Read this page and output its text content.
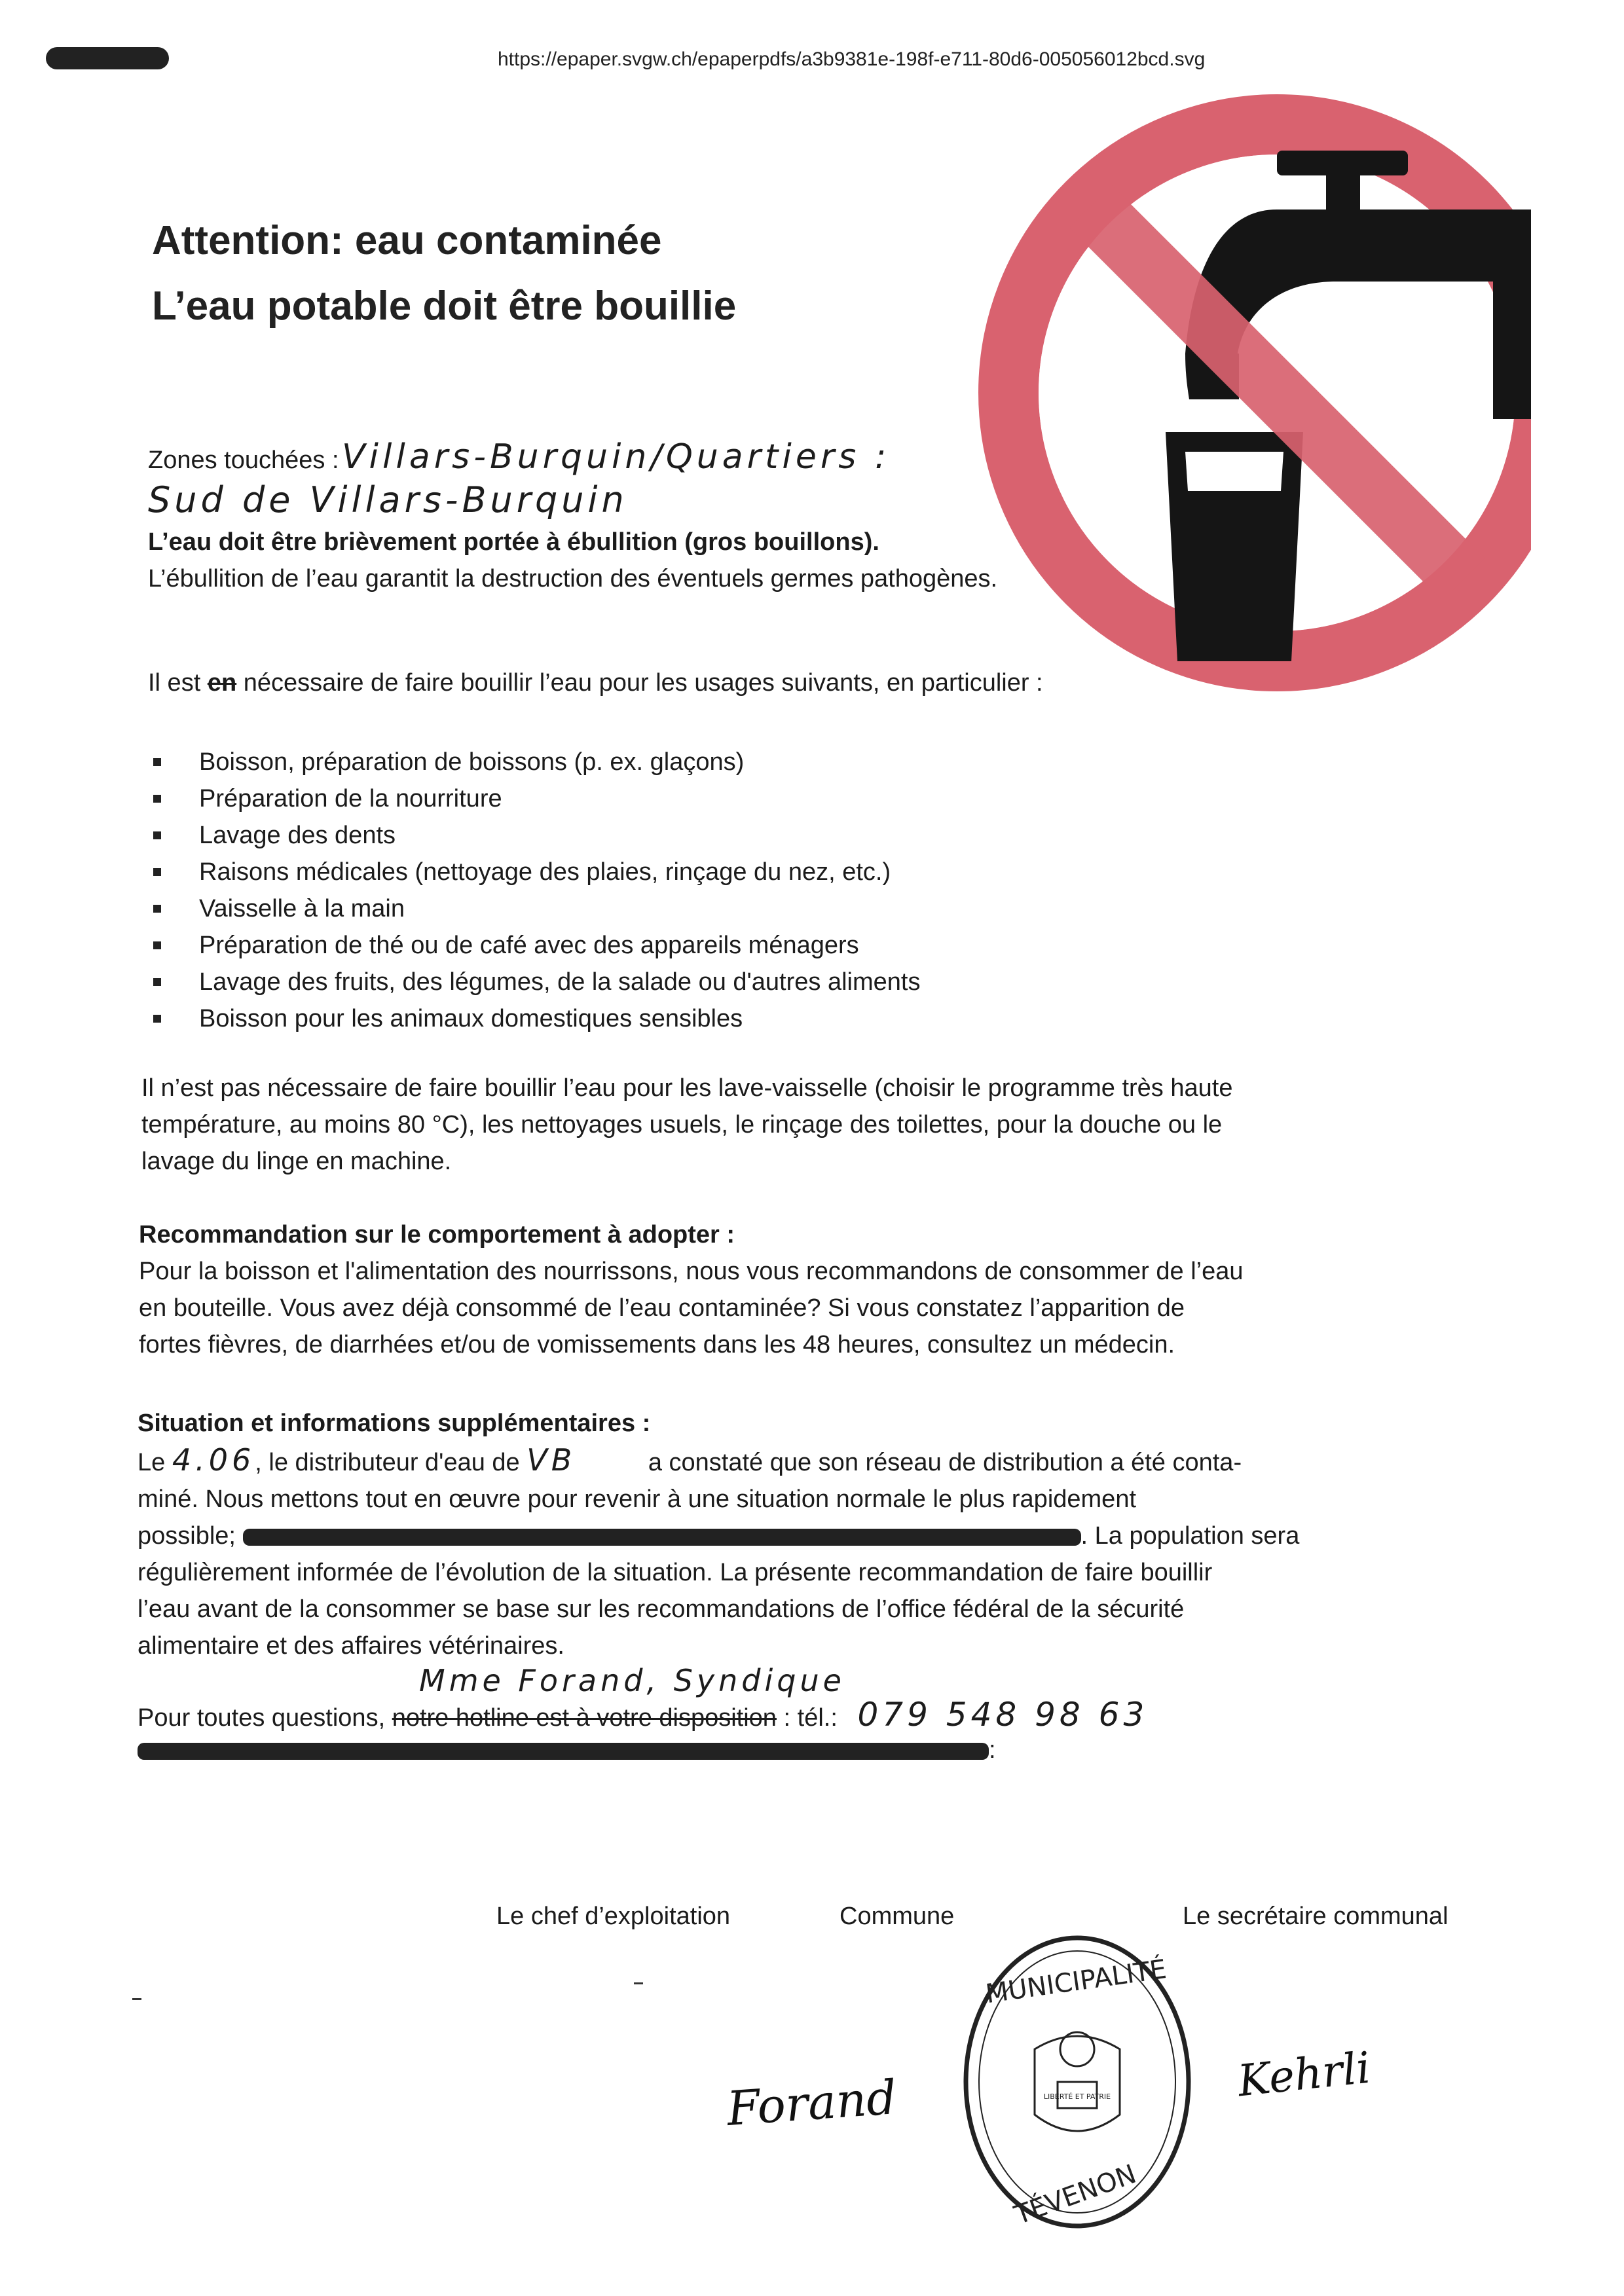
https://epaper.svgw.ch/epaperpdfs/a3b9381e-198f-e711-80d6-005056012bcd.svg
Attention: eau contaminée
L’eau potable doit être bouillie
Zones touchées : Villars-Burquin/Quartiers :
Sud de Villars-Burquin
L’eau doit être brièvement portée à ébullition (gros bouillons).
L’ébullition de l’eau garantit la destruction des éventuels germes pathogènes.
Il est en nécessaire de faire bouillir l’eau pour les usages suivants, en particulier :
Boisson, préparation de boissons (p. ex. glaçons)
Préparation de la nourriture
Lavage des dents
Raisons médicales (nettoyage des plaies, rinçage du nez, etc.)
Vaisselle à la main
Préparation de thé ou de café avec des appareils ménagers
Lavage des fruits, des légumes, de la salade ou d'autres aliments
Boisson pour les animaux domestiques sensibles
Il n’est pas nécessaire de faire bouillir l’eau pour les lave-vaisselle (choisir le programme très haute
température, au moins 80 °C), les nettoyages usuels, le rinçage des toilettes, pour la douche ou le
lavage du linge en machine.
Recommandation sur le comportement à adopter :
Pour la boisson et l'alimentation des nourrissons, nous vous recommandons de consommer de l’eau
en bouteille. Vous avez déjà consommé de l’eau contaminée? Si vous constatez l’apparition de
fortes fièvres, de diarrhées et/ou de vomissements dans les 48 heures, consultez un médecin.
Situation et informations supplémentaires :
Le 4.06, le distributeur d'eau de VB	a constaté que son réseau de distribution a été conta-
miné. Nous mettons tout en œuvre pour revenir à une situation normale le plus rapidement
possible;	. La population sera
régulièrement informée de l’évolution de la situation. La présente recommandation de faire bouillir
l’eau avant de la consommer se base sur les recommandations de l’office fédéral de la sécurité
alimentaire et des affaires vétérinaires.
Mme Forand, Syndique
Pour toutes questions, notre hotline est à votre disposition : tél.: 079 548 98 63
:
Le chef d’exploitation	Commune	Le secrétaire communal
LIBERTÉ ET PATRIE
MUNICIPALITÉ
TÉVENON
Forand	Kehrli
